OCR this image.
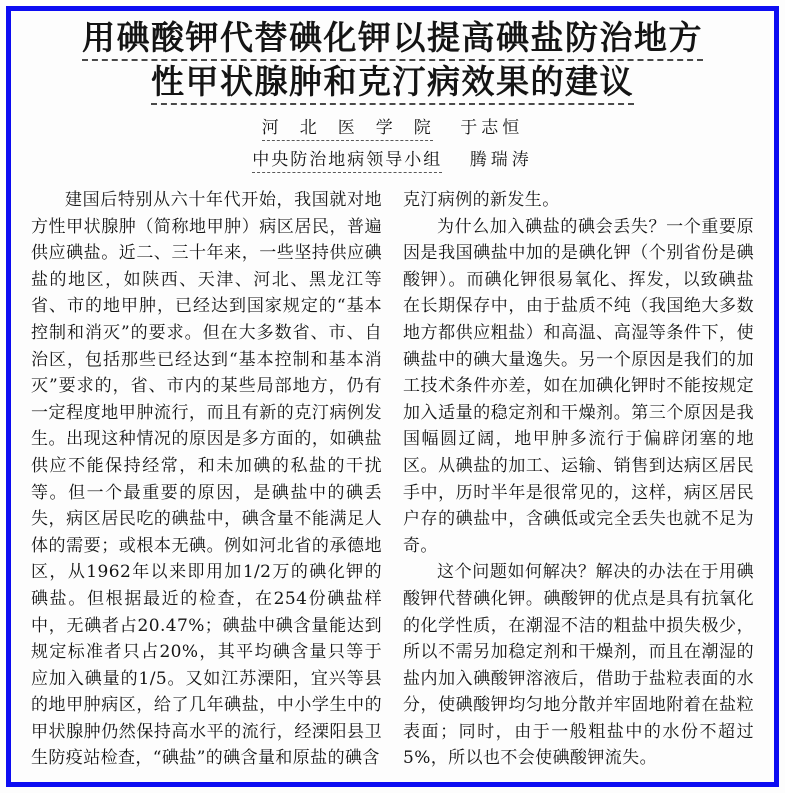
用碘酸钾代替碘化钾以提高碘盐防治地方
性甲状腺肿和克汀病效果的建议
河　北　医　学　院 于志恒
中央防治地病领导小组 腾瑞涛

建国后特别从六十年代开始，我国就对地方性甲状腺肿（简称地甲肿）病区居民，普遍供应碘盐。近二、三十年来，一些坚持供应碘盐的地区，如陕西、天津、河北、黑龙江等省、市的地甲肿，已经达到国家规定的“基本控制和消灭”的要求。但在大多数省、市、自治区，包括那些已经达到“基本控制和基本消灭”要求的，省、市内的某些局部地方，仍有一定程度地甲肿流行，而且有新的克汀病例发生。出现这种情况的原因是多方面的，如碘盐供应不能保持经常，和未加碘的私盐的干扰等。但一个最重要的原因，是碘盐中的碘丢失，病区居民吃的碘盐中，碘含量不能满足人体的需要；或根本无碘。例如河北省的承德地区，从1962年以来即用加1/2万的碘化钾的碘盐。但根据最近的检查，在254份碘盐样中，无碘者占20.47%；碘盐中碘含量能达到规定标准者只占20%，其平均碘含量只等于应加入碘量的1/5。又如江苏溧阳，宜兴等县的地甲肿病区，给了几年碘盐，中小学生中的甲状腺肿仍然保持高水平的流行，经溧阳县卫生防疫站检查，“碘盐”的碘含量和原盐的碘含

克汀病例的新发生。

为什么加入碘盐的碘会丢失？一个重要原因是我国碘盐中加的是碘化钾（个别省份是碘酸钾）。而碘化钾很易氧化、挥发，以致碘盐在长期保存中，由于盐质不纯（我国绝大多数地方都供应粗盐）和高温、高湿等条件下，使碘盐中的碘大量逸失。另一个原因是我们的加工技术条件亦差，如在加碘化钾时不能按规定加入适量的稳定剂和干燥剂。第三个原因是我国幅圆辽阔，地甲肿多流行于偏辟闭塞的地区。从碘盐的加工、运输、销售到达病区居民手中，历时半年是很常见的，这样，病区居民户存的碘盐中，含碘低或完全丢失也就不足为奇。

这个问题如何解决？解决的办法在于用碘酸钾代替碘化钾。碘酸钾的优点是具有抗氧化的化学性质，在潮湿不洁的粗盐中损失极少，所以不需另加稳定剂和干燥剂，而且在潮湿的盐内加入碘酸钾溶液后，借助于盐粒表面的水分，使碘酸钾均匀地分散并牢固地附着在盐粒表面；同时，由于一般粗盐中的水份不超过5%，所以也不会使碘酸钾流失。
